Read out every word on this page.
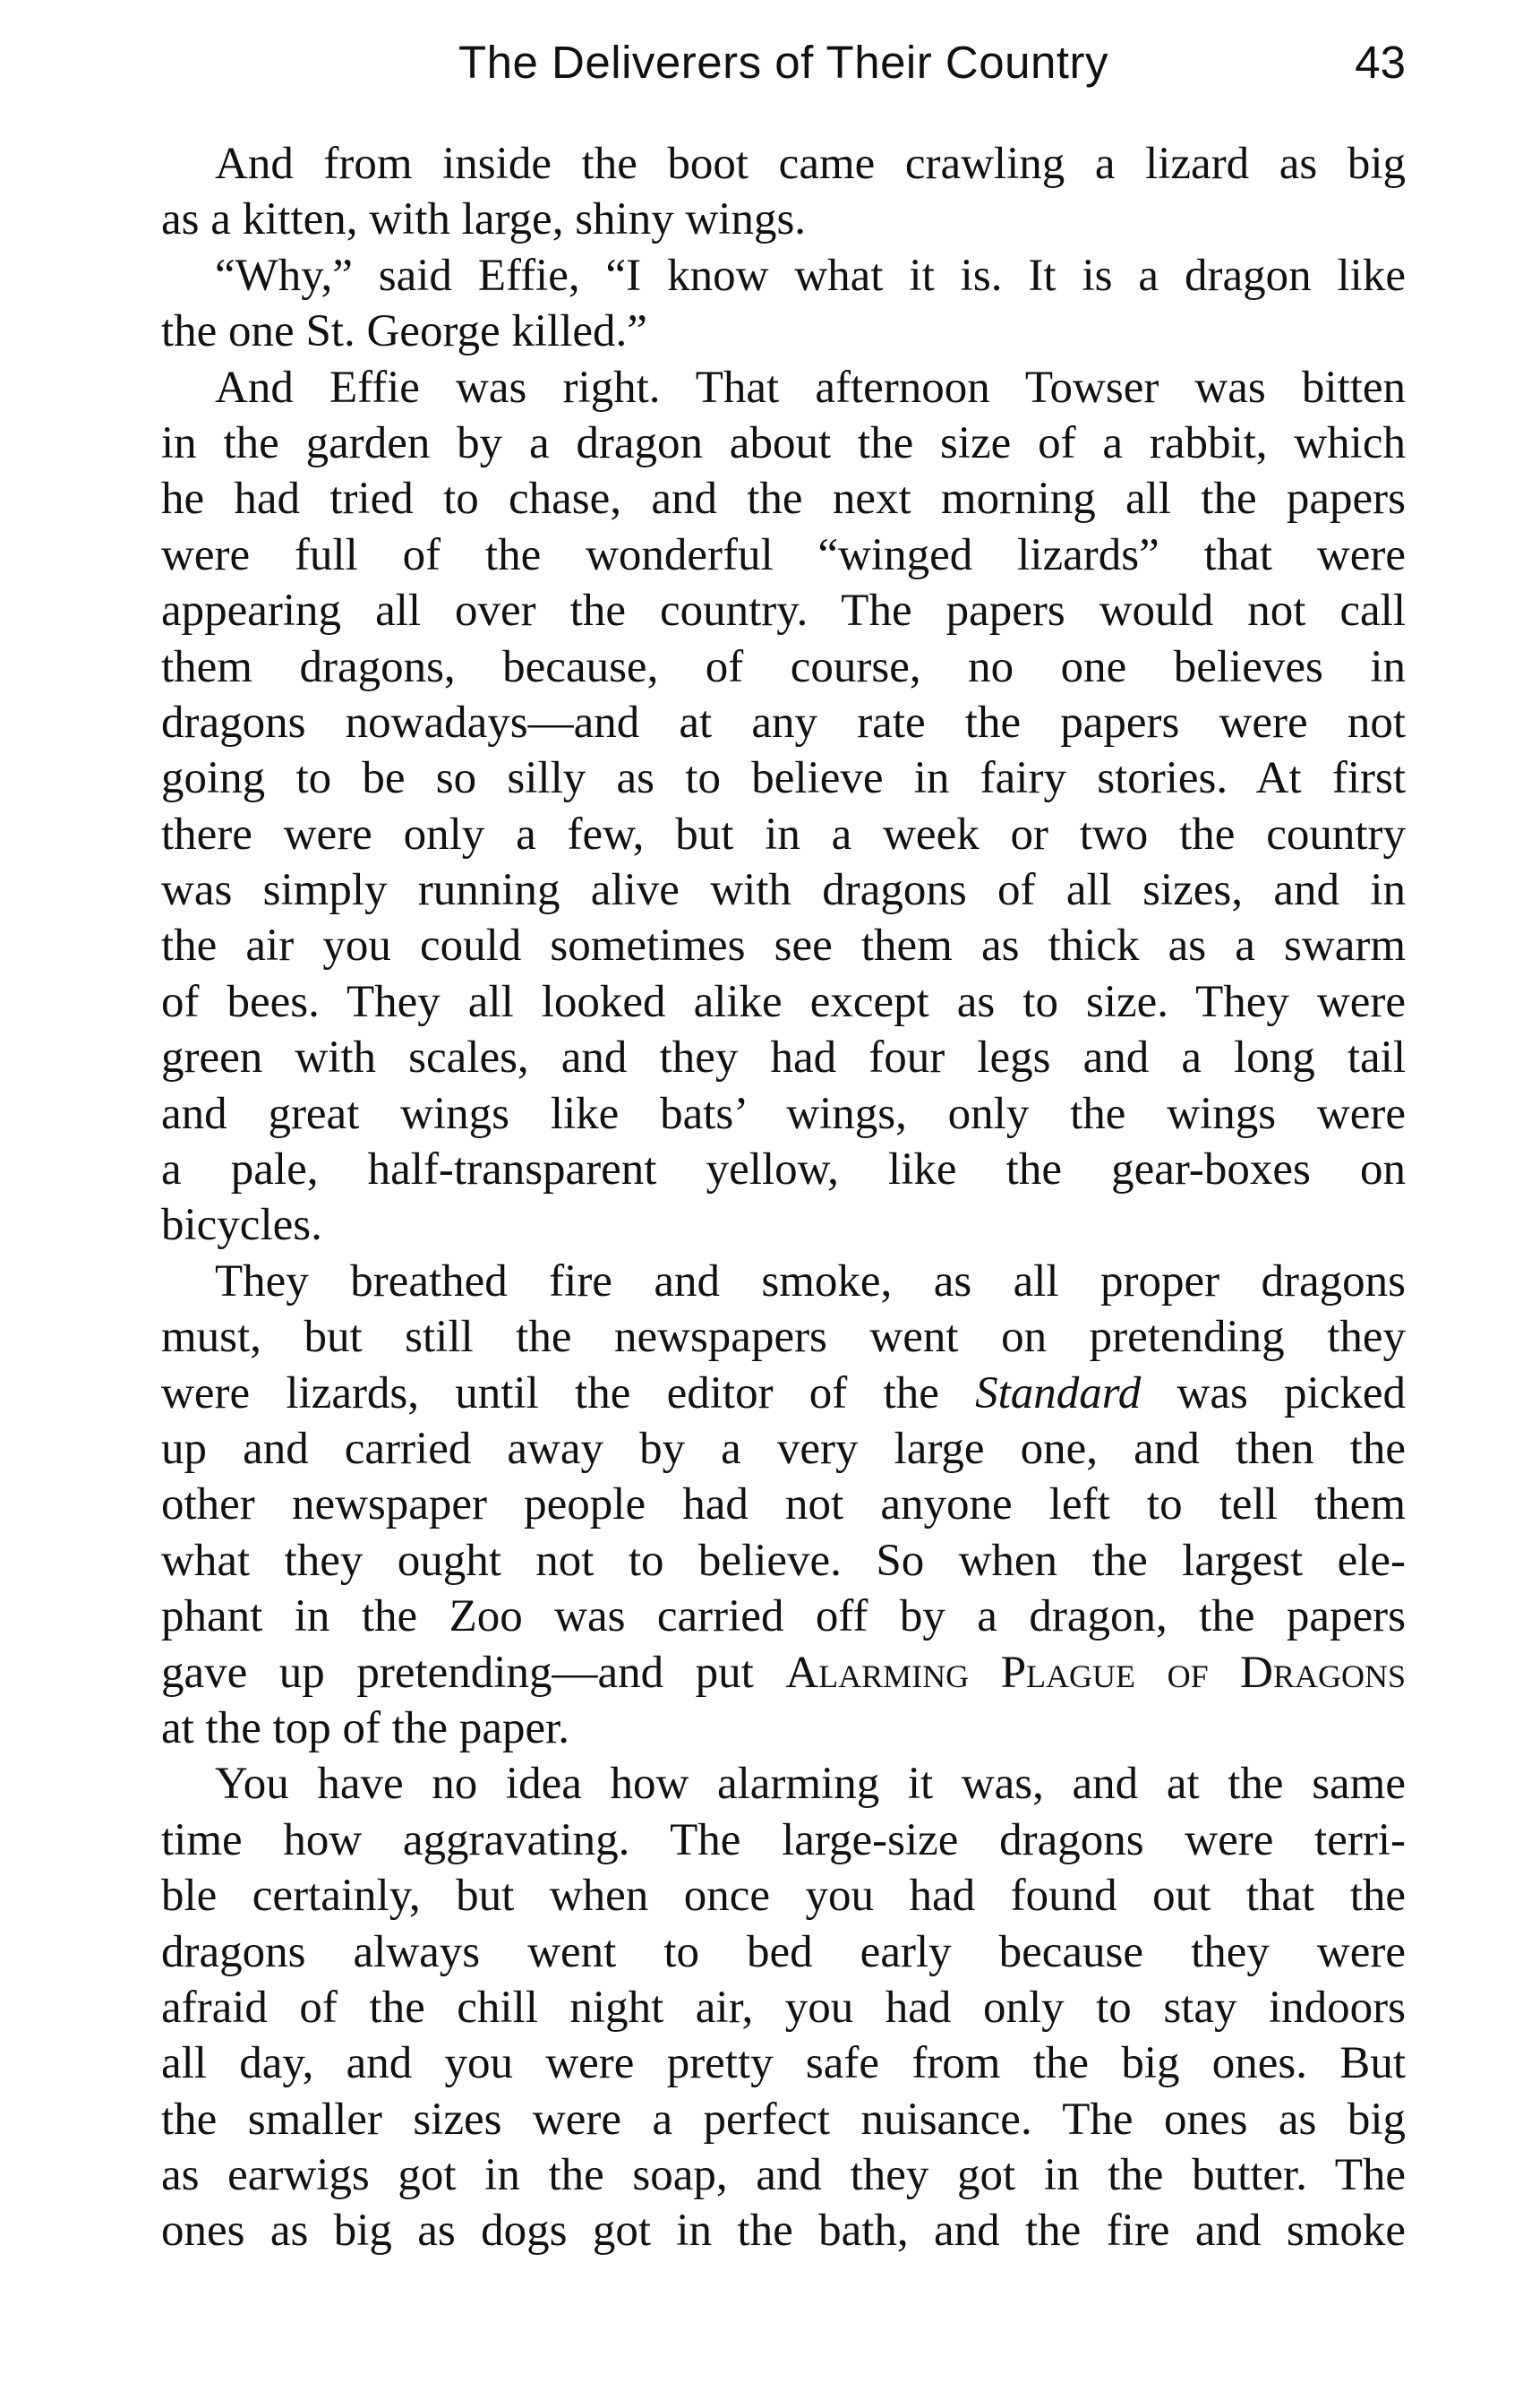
The Deliverers of Their Country	43
And from inside the boot came crawling a lizard as big
as a kitten, with large, shiny wings.
“Why,” said Effie, “I know what it is. It is a dragon like
the one St. George killed.”
And Effie was right. That afternoon Towser was bitten
in the garden by a dragon about the size of a rabbit, which
he had tried to chase, and the next morning all the papers
were full of the wonderful “winged lizards” that were
appearing all over the country. The papers would not call
them dragons, because, of course, no one believes in
dragons nowadays—and at any rate the papers were not
going to be so silly as to believe in fairy stories. At first
there were only a few, but in a week or two the country
was simply running alive with dragons of all sizes, and in
the air you could sometimes see them as thick as a swarm
of bees. They all looked alike except as to size. They were
green with scales, and they had four legs and a long tail
and great wings like bats’ wings, only the wings were
a pale, half-transparent yellow, like the gear-boxes on
bicycles.
They breathed fire and smoke, as all proper dragons
must, but still the newspapers went on pretending they
were lizards, until the editor of the Standard was picked
up and carried away by a very large one, and then the
other newspaper people had not anyone left to tell them
what they ought not to believe. So when the largest ele-
phant in the Zoo was carried off by a dragon, the papers
gave up pretending—and put Alarming Plague of Dragons
at the top of the paper.
You have no idea how alarming it was, and at the same
time how aggravating. The large-size dragons were terri-
ble certainly, but when once you had found out that the
dragons always went to bed early because they were
afraid of the chill night air, you had only to stay indoors
all day, and you were pretty safe from the big ones. But
the smaller sizes were a perfect nuisance. The ones as big
as earwigs got in the soap, and they got in the butter. The
ones as big as dogs got in the bath, and the fire and smoke
